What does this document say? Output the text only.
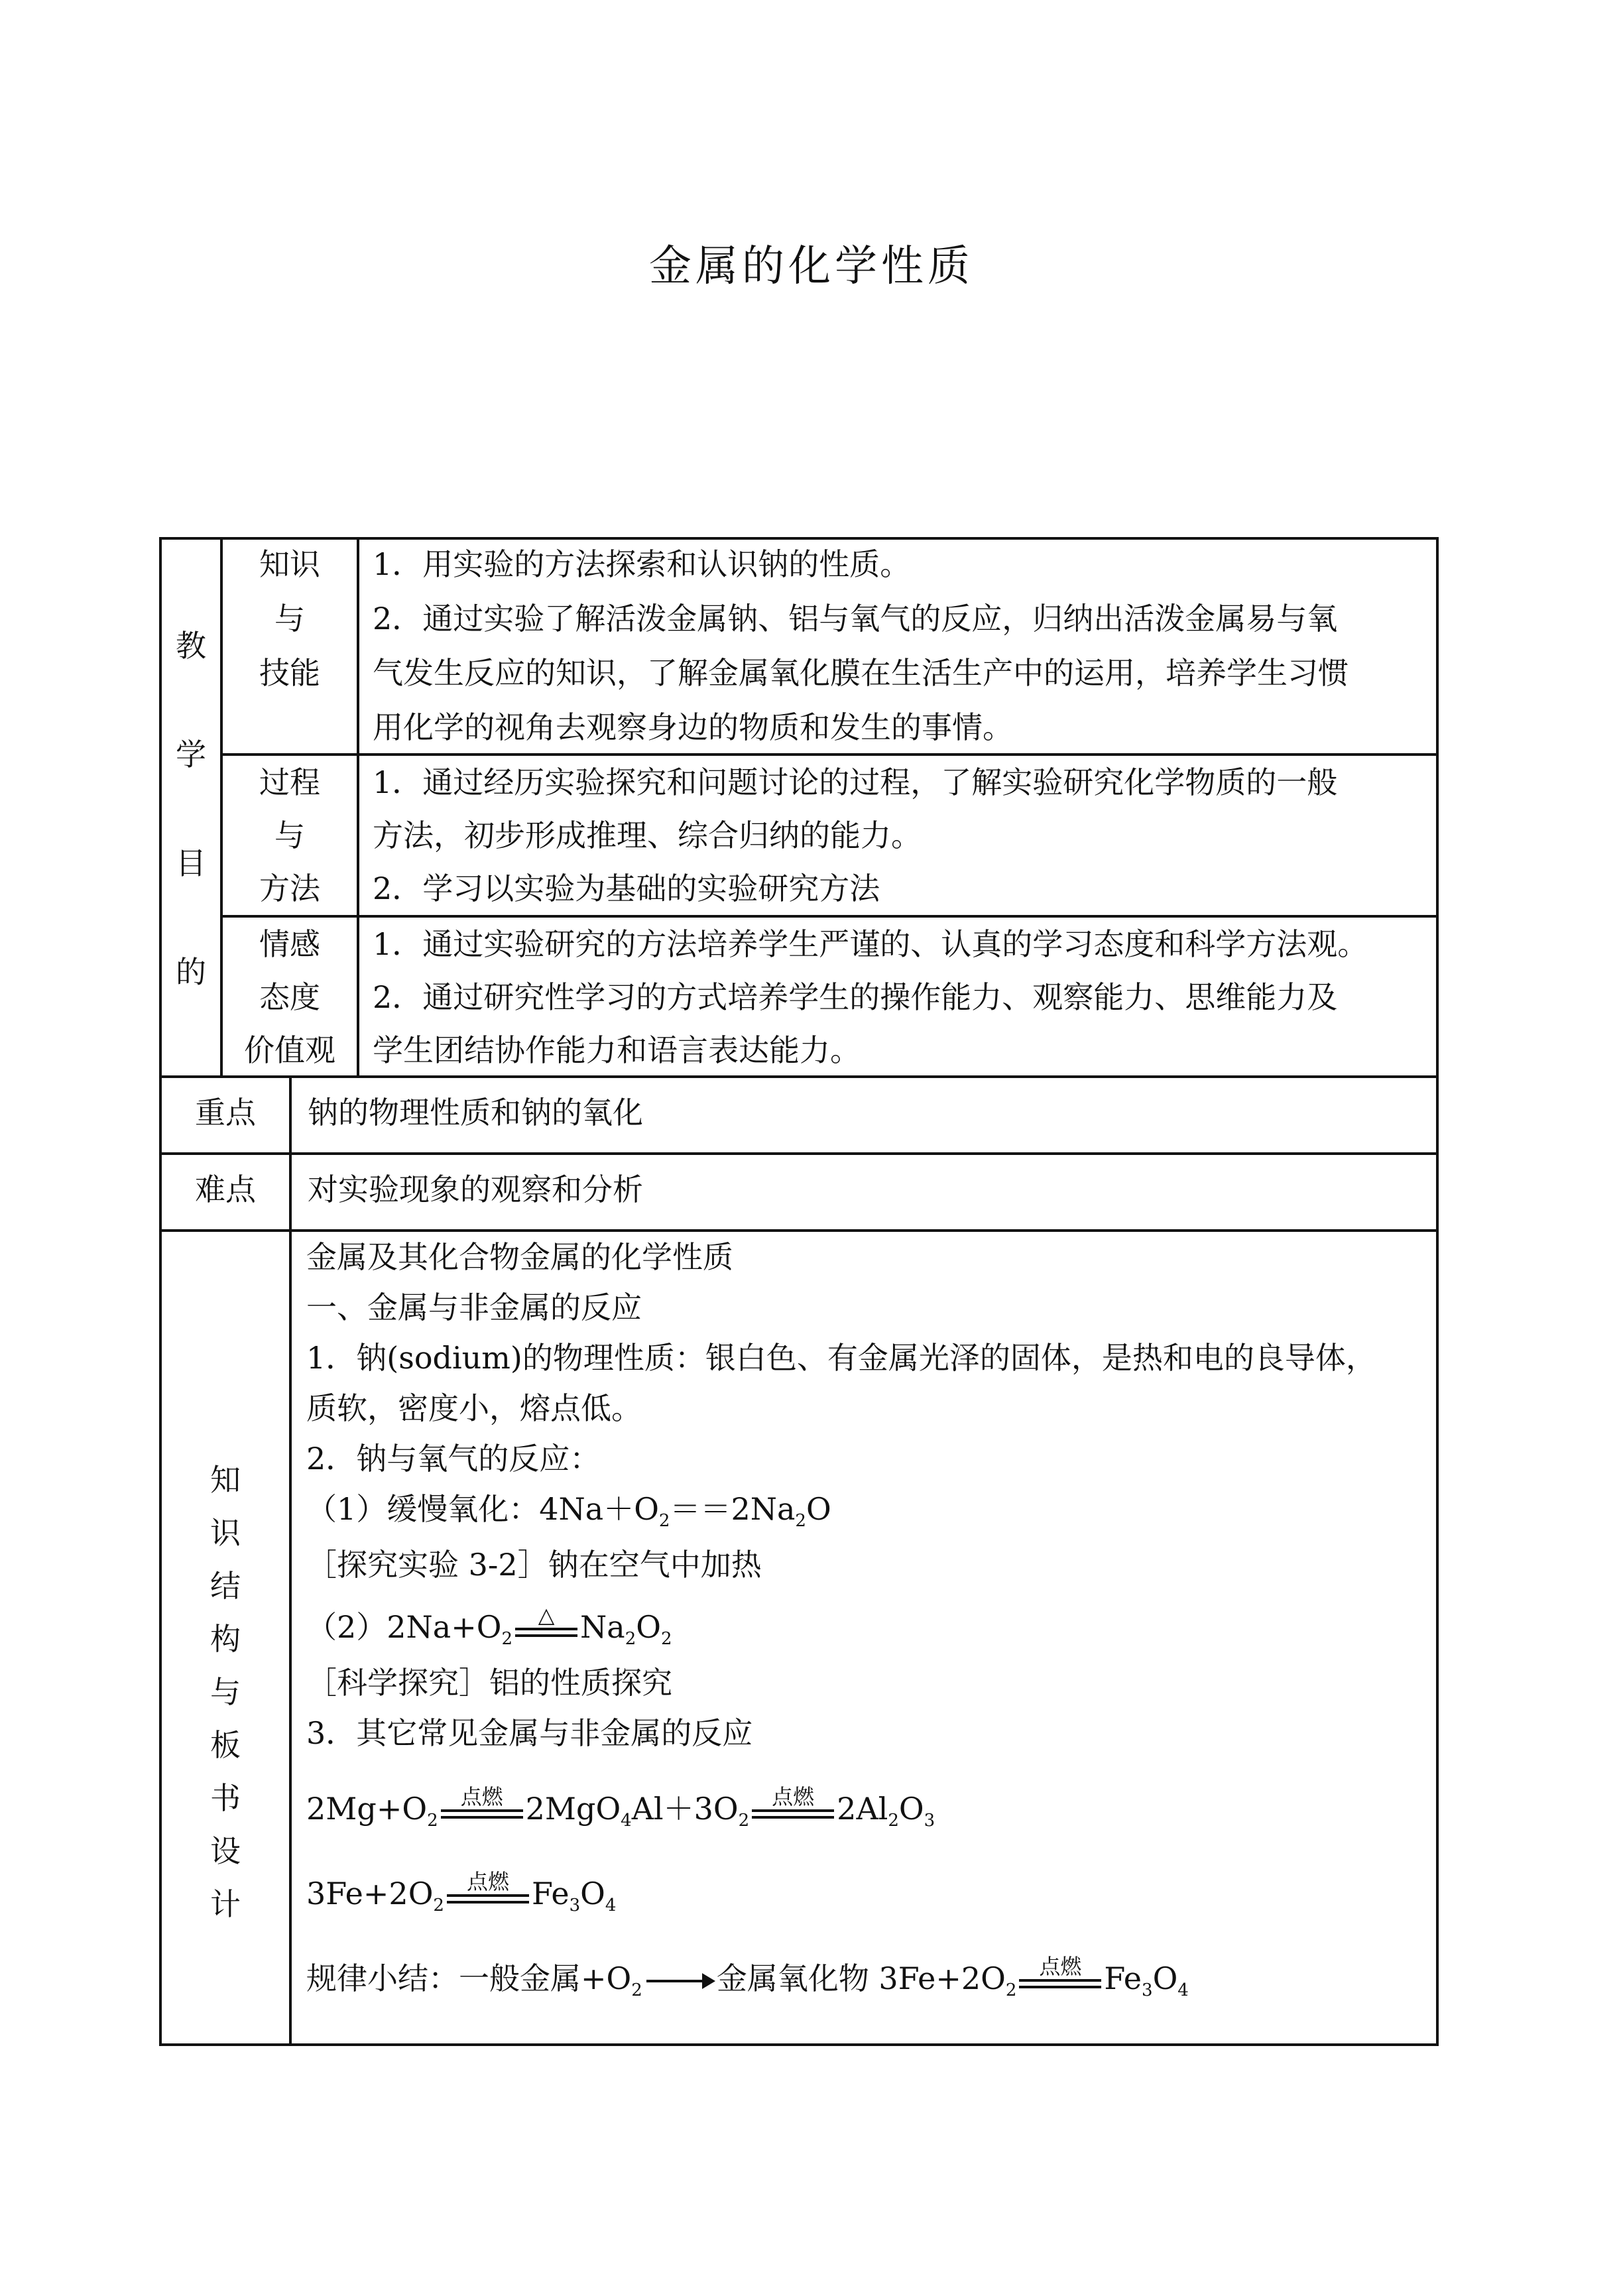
金属的化学性质
教
学
目
的
知识
与
技能
1．用实验的方法探索和认识钠的性质。
2．通过实验了解活泼金属钠、铝与氧气的反应，归纳出活泼金属易与氧
气发生反应的知识，了解金属氧化膜在生活生产中的运用，培养学生习惯
用化学的视角去观察身边的物质和发生的事情。
过程
与
方法
1．通过经历实验探究和问题讨论的过程，了解实验研究化学物质的一般
方法，初步形成推理、综合归纳的能力。
2．学习以实验为基础的实验研究方法
情感
态度
价值观
1．通过实验研究的方法培养学生严谨的、认真的学习态度和科学方法观。
2．通过研究性学习的方式培养学生的操作能力、观察能力、思维能力及
学生团结协作能力和语言表达能力。
重点	钠的物理性质和钠的氧化
难点	对实验现象的观察和分析
知
识
结
构
与
板
书
设
计
金属及其化合物金属的化学性质
一、金属与非金属的反应
1．钠(sodium)的物理性质：银白色、有金属光泽的固体，是热和电的良导体，
质软，密度小，熔点低。
2．钠与氧气的反应：
（1）缓慢氧化：$4Na+O_2==2Na_2O$
［探究实验 3-2］钠在空气中加热
$(2)2Na+O_2$
△ $Na_2O_2$
［科学探究］铝的性质探究
3．其它常见金属与非金属的反应
$2Mg+O_2$
点燃 $2MgO_4Al+3O_2$
点燃 $2Al_2O_3$
$3Fe+2O_2$
点燃 $Fe_3O_4$
规律小结：一般金属$+O_2$ → 金属氧化物 $3Fe+2O_2$
点燃 $Fe_3O_4$
